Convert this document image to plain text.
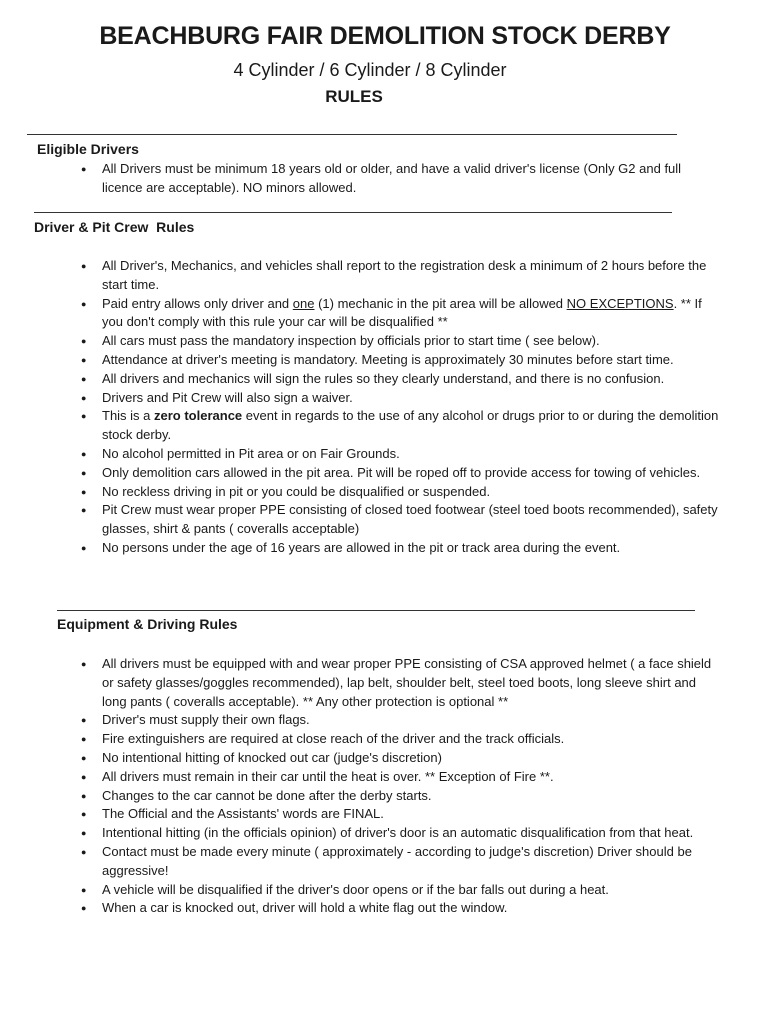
BEACHBURG FAIR DEMOLITION STOCK DERBY

4 Cylinder / 6 Cylinder / 8 Cylinder

RULES

Eligible Drivers

● All Drivers must be minimum 18 years old or older, and have a valid driver's license (Only G2 and full licence are acceptable). NO minors allowed.

Driver & Pit Crew  Rules

● All Driver's, Mechanics, and vehicles shall report to the registration desk a minimum of 2 hours before the start time.
● Paid entry allows only driver and one (1) mechanic in the pit area will be allowed NO EXCEPTIONS. ** If you don't comply with this rule your car will be disqualified **
● All cars must pass the mandatory inspection by officials prior to start time ( see below).
● Attendance at driver's meeting is mandatory. Meeting is approximately 30 minutes before start time.
● All drivers and mechanics will sign the rules so they clearly understand, and there is no confusion.
● Drivers and Pit Crew will also sign a waiver.
● This is a zero tolerance event in regards to the use of any alcohol or drugs prior to or during the demolition stock derby.
● No alcohol permitted in Pit area or on Fair Grounds.
● Only demolition cars allowed in the pit area. Pit will be roped off to provide access for towing of vehicles.
● No reckless driving in pit or you could be disqualified or suspended.
● Pit Crew must wear proper PPE consisting of closed toed footwear (steel toed boots recommended), safety glasses, shirt & pants ( coveralls acceptable)
● No persons under the age of 16 years are allowed in the pit or track area during the event.

Equipment & Driving Rules

● All drivers must be equipped with and wear proper PPE consisting of CSA approved helmet ( a face shield or safety glasses/goggles recommended), lap belt, shoulder belt, steel toed boots, long sleeve shirt and long pants ( coveralls acceptable). ** Any other protection is optional **
● Driver's must supply their own flags.
● Fire extinguishers are required at close reach of the driver and the track officials.
● No intentional hitting of knocked out car (judge's discretion)
● All drivers must remain in their car until the heat is over. ** Exception of Fire **.
● Changes to the car cannot be done after the derby starts.
● The Official and the Assistants' words are FINAL.
● Intentional hitting (in the officials opinion) of driver's door is an automatic disqualification from that heat.
● Contact must be made every minute ( approximately - according to judge's discretion) Driver should be aggressive!
● A vehicle will be disqualified if the driver's door opens or if the bar falls out during a heat.
● When a car is knocked out, driver will hold a white flag out the window.
